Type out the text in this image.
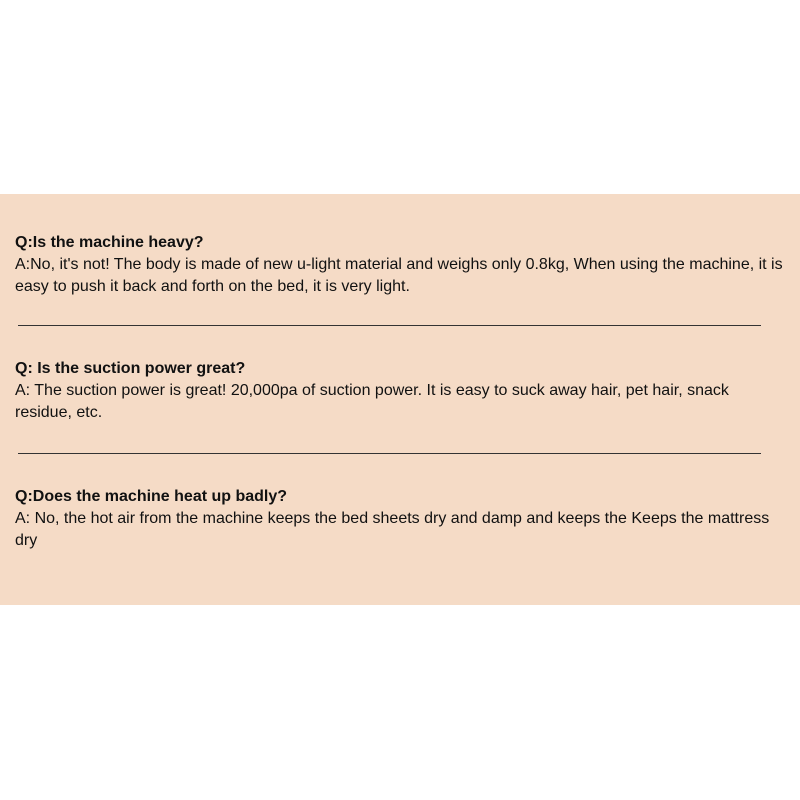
Q:Is the machine heavy?

A:No, it's not! The body is made of new u-light material and weighs only 0.8kg, When using the machine, it is easy to push it back and forth on the bed, it is very light.

Q: Is the suction power great?

A: The suction power is great! 20,000pa of suction power. It is easy to suck away hair, pet hair, snack residue, etc.

Q:Does the machine heat up badly?

A: No, the hot air from the machine keeps the bed sheets dry and damp and keeps the Keeps the mattress dry
